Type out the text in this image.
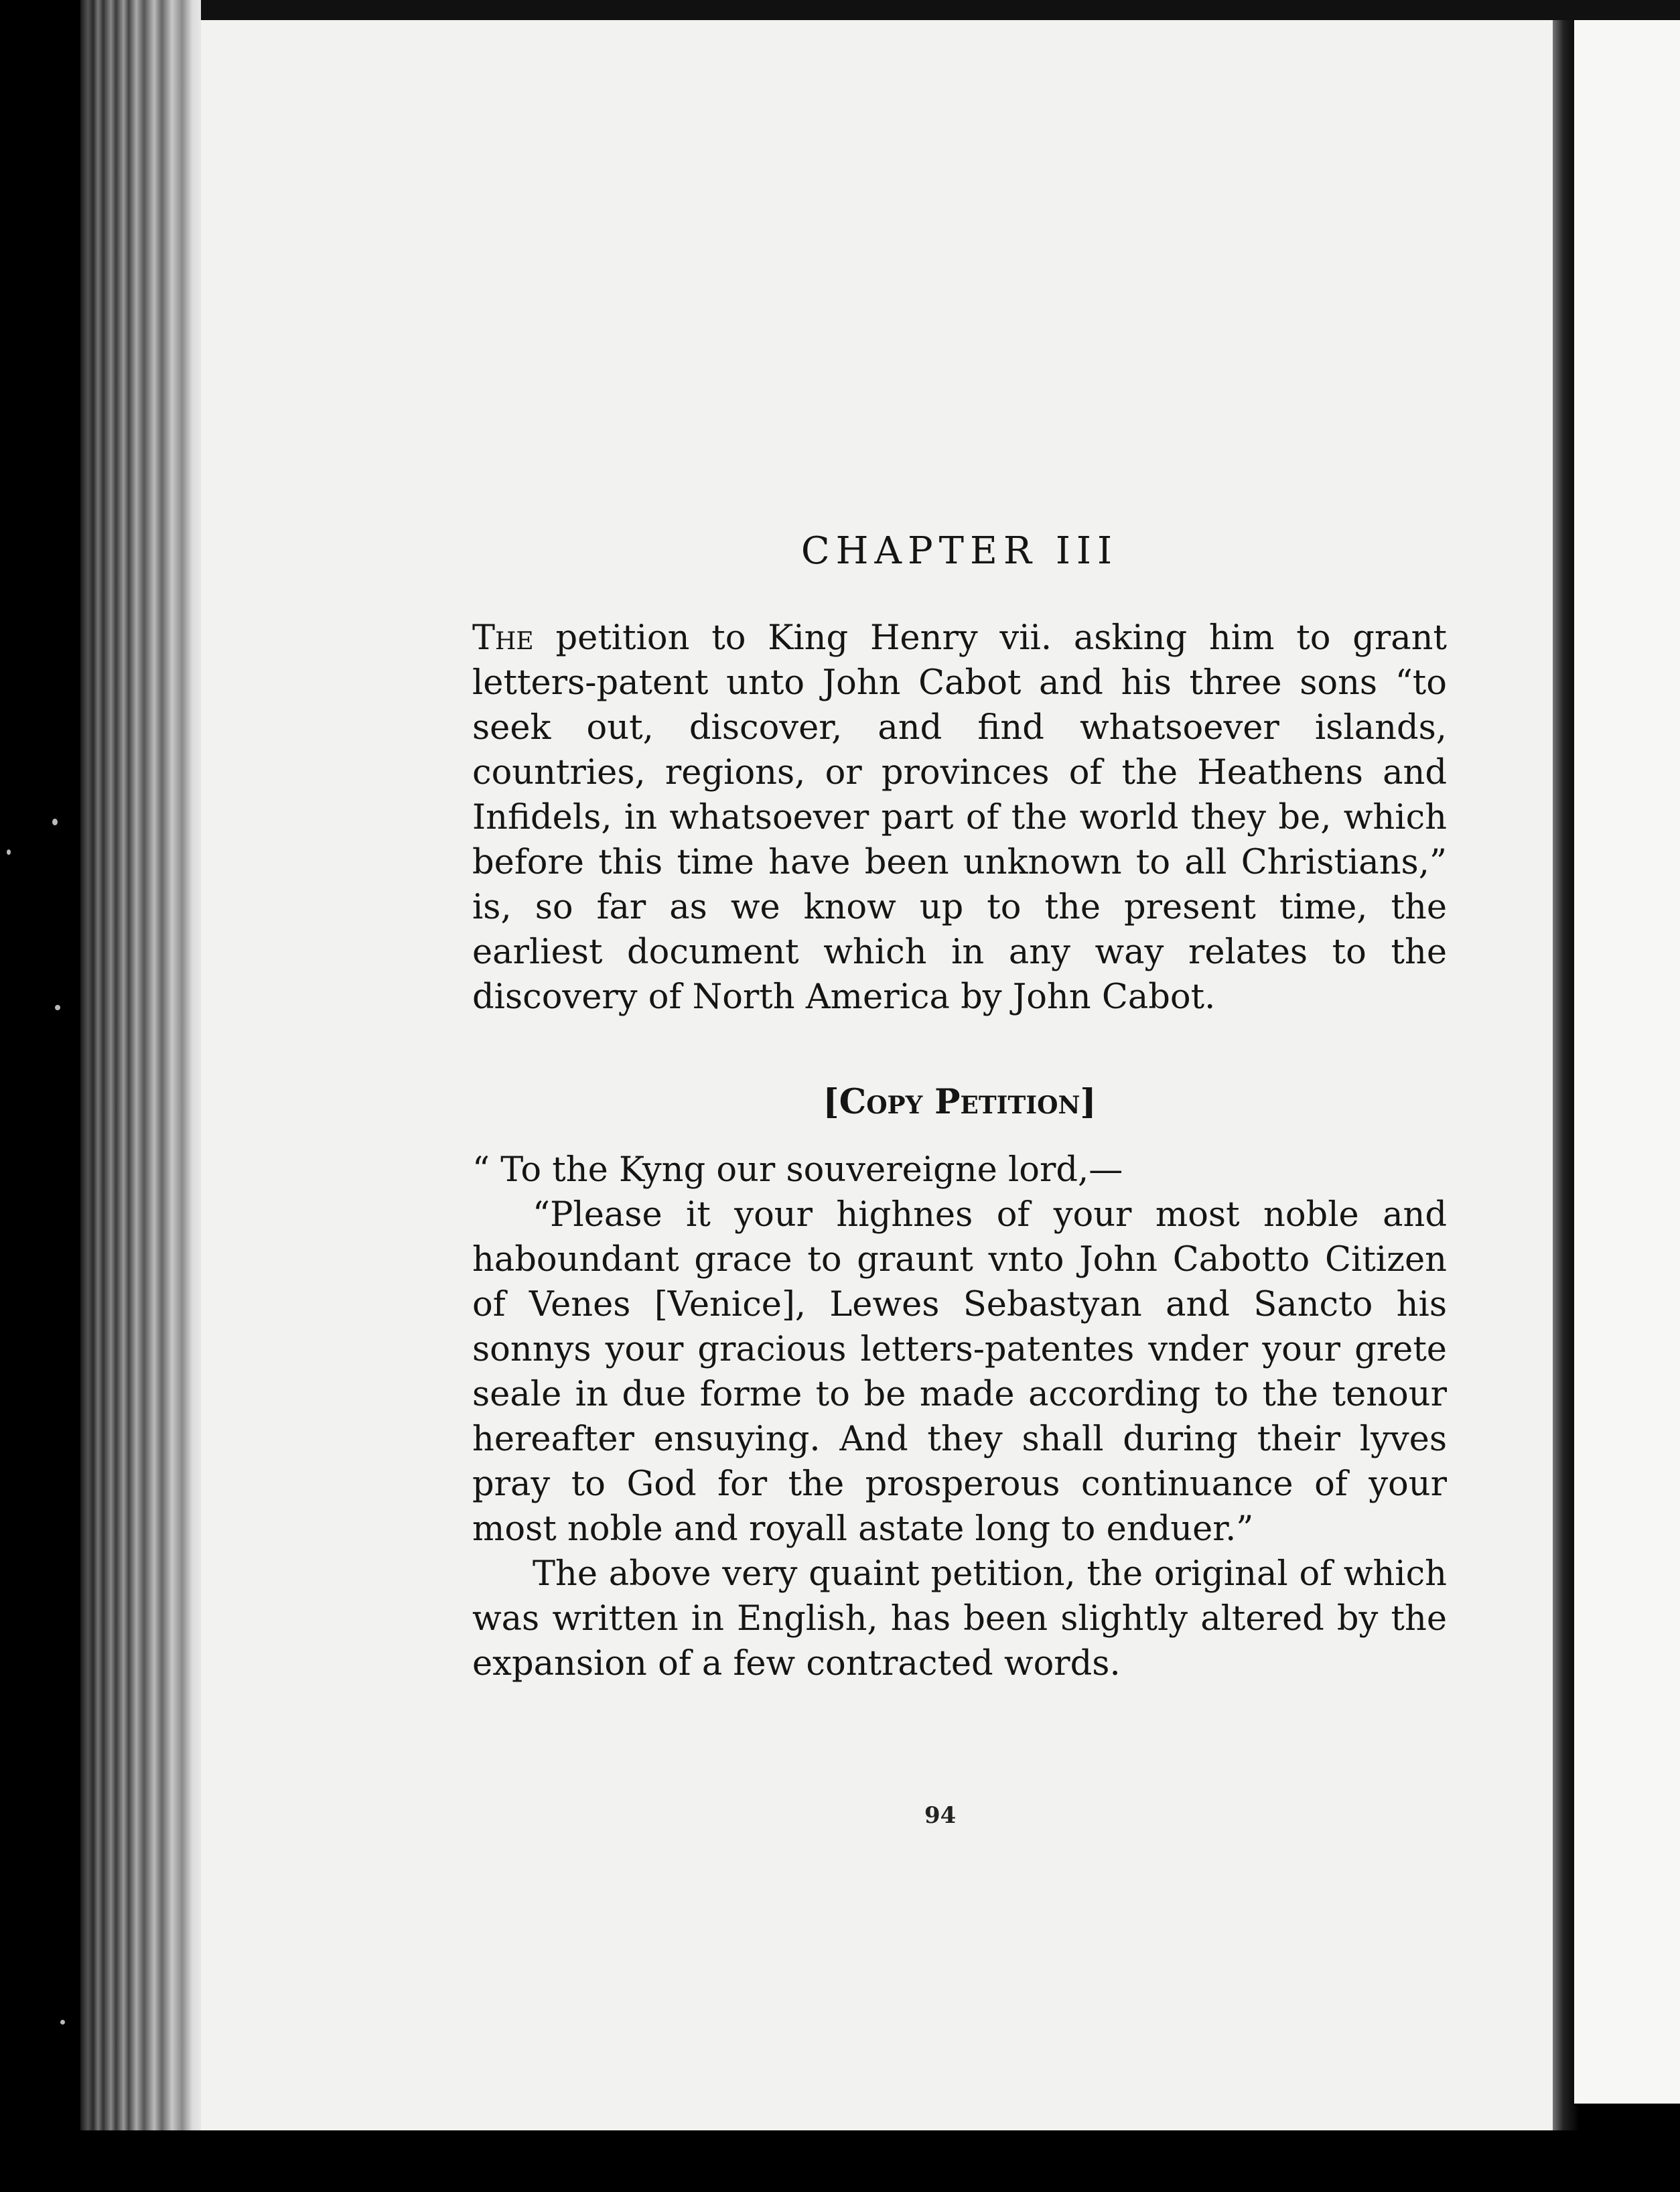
CHAPTER III

The petition to King Henry vii. asking him to grant letters-patent unto John Cabot and his three sons “to seek out, discover, and find whatsoever islands, countries, regions, or provinces of the Heathens and Infidels, in whatsoever part of the world they be, which before this time have been unknown to all Christians,” is, so far as we know up to the present time, the earliest document which in any way relates to the discovery of North America by John Cabot.

[Copy Petition]

“ To the Kyng our souvereigne lord,—

“Please it your highnes of your most noble and haboundant grace to graunt vnto John Cabotto Citizen of Venes [Venice], Lewes Sebastyan and Sancto his sonnys your gracious letters-patentes vnder your grete seale in due forme to be made according to the tenour hereafter ensuying. And they shall during their lyves pray to God for the prosperous continuance of your most noble and royall astate long to enduer.”

The above very quaint petition, the original of which was written in English, has been slightly altered by the expansion of a few contracted words.

94
